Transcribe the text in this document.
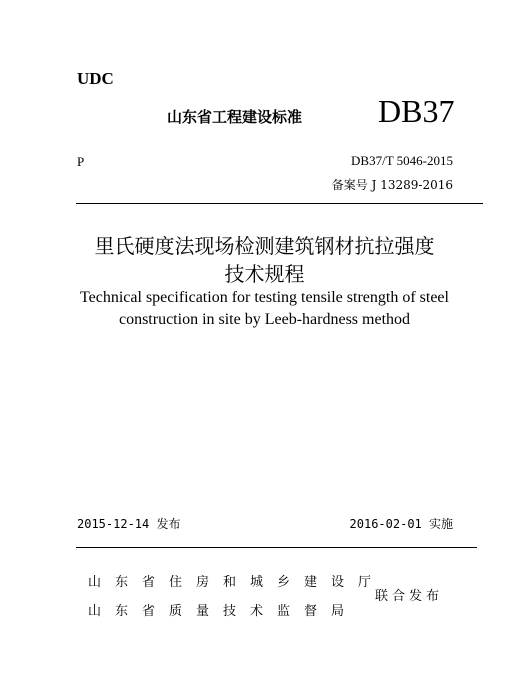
UDC
山东省工程建设标准 DB37
P	DB37/T 5046-2015
备案号 J 13289-2016
里氏硬度法现场检测建筑钢材抗拉强度
技术规程
Technical specification for testing tensile strength of steel
construction in site by Leeb-hardness method
2015-12-14 发布	2016-02-01 实施
山东省住房和城乡建设厅
山东省质量技术监督局
联合发布
